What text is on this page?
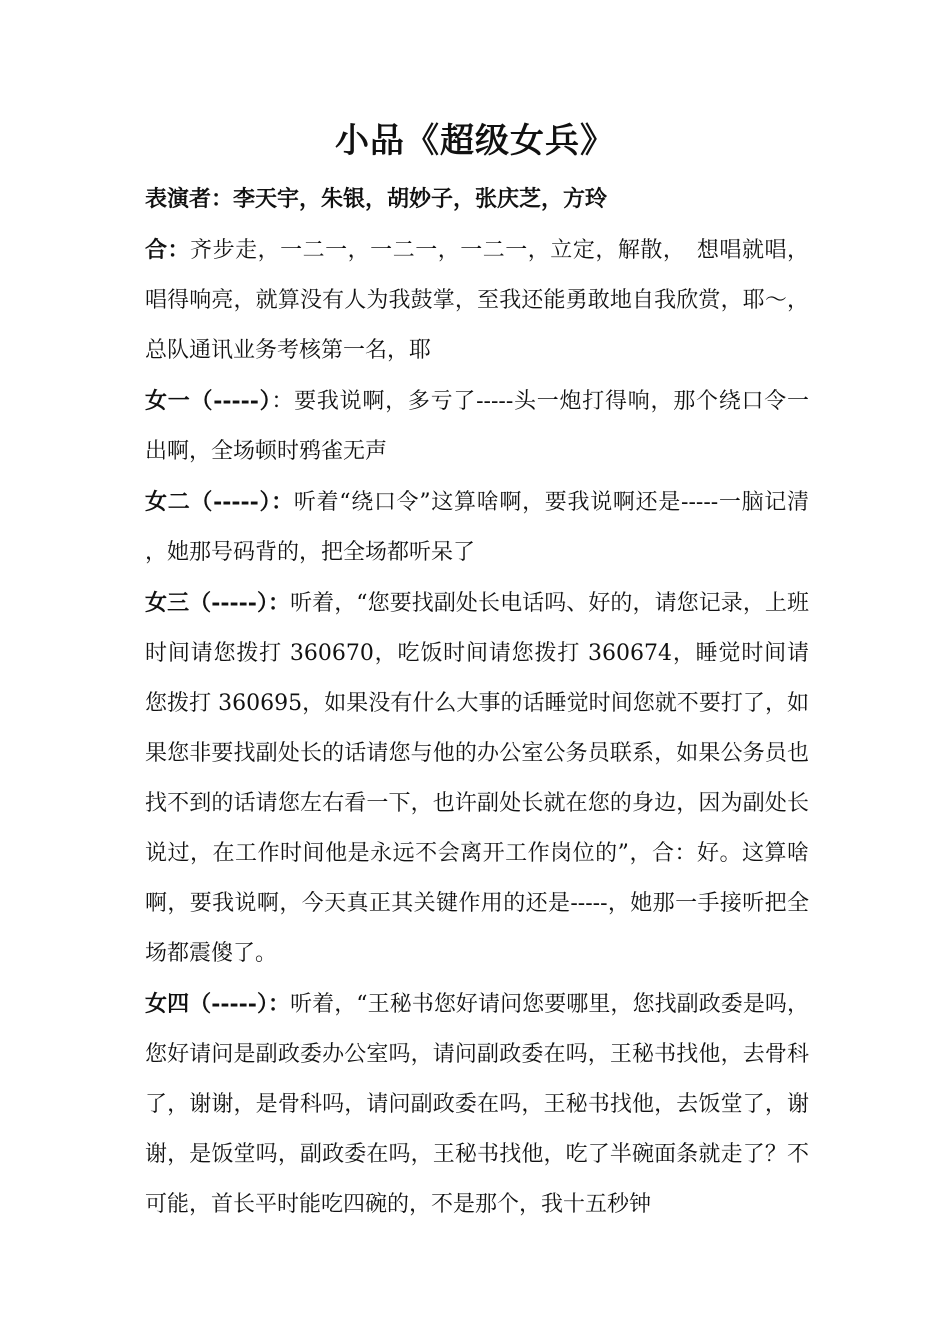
小品《超级女兵》

表演者：李天宇，朱银，胡妙子，张庆芝，方玲

合：齐步走，一二一，一二一，一二一，立定，解散，　想唱就唱，唱得响亮，就算没有人为我鼓掌，至我还能勇敢地自我欣赏，耶～，总队通讯业务考核第一名，耶

女一（-----）：要我说啊，多亏了-----头一炮打得响，那个绕口令一出啊，全场顿时鸦雀无声

女二（-----）：听着“绕口令”这算啥啊，要我说啊还是-----一脑记清 ，她那号码背的，把全场都听呆了

女三（-----）：听着，“您要找副处长电话吗、好的，请您记录，上班时间请您拨打 360670，吃饭时间请您拨打 360674，睡觉时间请您拨打 360695，如果没有什么大事的话睡觉时间您就不要打了，如果您非要找副处长的话请您与他的办公室公务员联系，如果公务员也找不到的话请您左右看一下，也许副处长就在您的身边，因为副处长说过，在工作时间他是永远不会离开工作岗位的”，合：好。这算啥啊，要我说啊，今天真正其关键作用的还是-----，她那一手接听把全场都震傻了。

女四（-----）：听着，“王秘书您好请问您要哪里，您找副政委是吗，您好请问是副政委办公室吗，请问副政委在吗，王秘书找他，去骨科了，谢谢，是骨科吗，请问副政委在吗，王秘书找他，去饭堂了，谢谢，是饭堂吗，副政委在吗，王秘书找他，吃了半碗面条就走了？不可能，首长平时能吃四碗的，不是那个，我十五秒钟
